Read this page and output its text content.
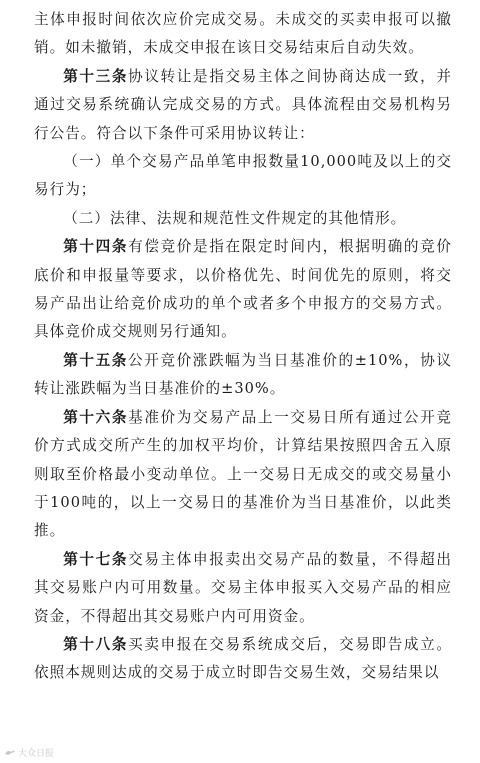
主体申报时间依次应价完成交易。未成交的买卖申报可以撤销。如未撤销，未成交申报在该日交易结束后自动失效。

第十三条协议转让是指交易主体之间协商达成一致，并通过交易系统确认完成交易的方式。具体流程由交易机构另行公告。符合以下条件可采用协议转让：

（一）单个交易产品单笔申报数量10,000吨及以上的交易行为；

（二）法律、法规和规范性文件规定的其他情形。

第十四条有偿竞价是指在限定时间内，根据明确的竞价底价和申报量等要求，以价格优先、时间优先的原则，将交易产品出让给竞价成功的单个或者多个申报方的交易方式。具体竞价成交规则另行通知。

第十五条公开竞价涨跌幅为当日基准价的±10%，协议转让涨跌幅为当日基准价的±30%。

第十六条基准价为交易产品上一交易日所有通过公开竞价方式成交所产生的加权平均价，计算结果按照四舍五入原则取至价格最小变动单位。上一交易日无成交的或交易量小于100吨的，以上一交易日的基准价为当日基准价，以此类推。

第十七条交易主体申报卖出交易产品的数量，不得超出其交易账户内可用数量。交易主体申报买入交易产品的相应资金，不得超出其交易账户内可用资金。

第十八条买卖申报在交易系统成交后，交易即告成立。依照本规则达成的交易于成立时即告交易生效，交易结果以

大众日报
